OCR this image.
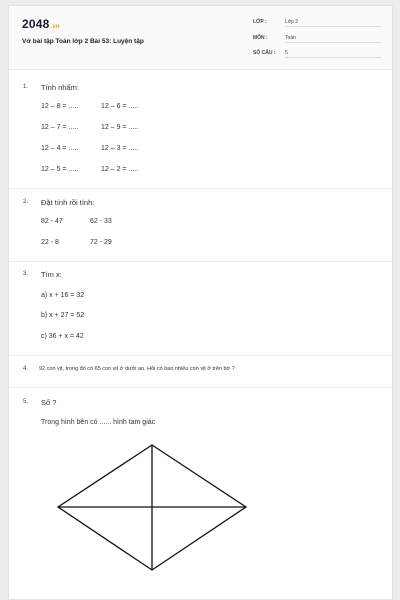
2048.vn
Vở bài tập Toán lớp 2 Bài 53: Luyện tập
LỚP :	Lớp 2
MÔN :	Toán
SỐ CÂU : 5
1. Tính nhẩm:
12 – 8 = .....	12 – 6 = .....
12 – 7 = .....	12 – 9 = .....
12 – 4 = .....	12 – 3 = .....
12 – 5 = .....	12 – 2 = .....
2. Đặt tính rồi tính:
82 - 47	62 - 33
22 - 8	72 - 29
3. Tìm x:
a) x + 16 = 32
b) x + 27 = 52
c) 36 + x = 42
4. 92 con vịt, trong đó có 65 con vịt ở dưới ao. Hỏi có bao nhiêu con vịt ở trên bờ ?
5. Số ?
Trong hình bên có ...... hình tam giác
